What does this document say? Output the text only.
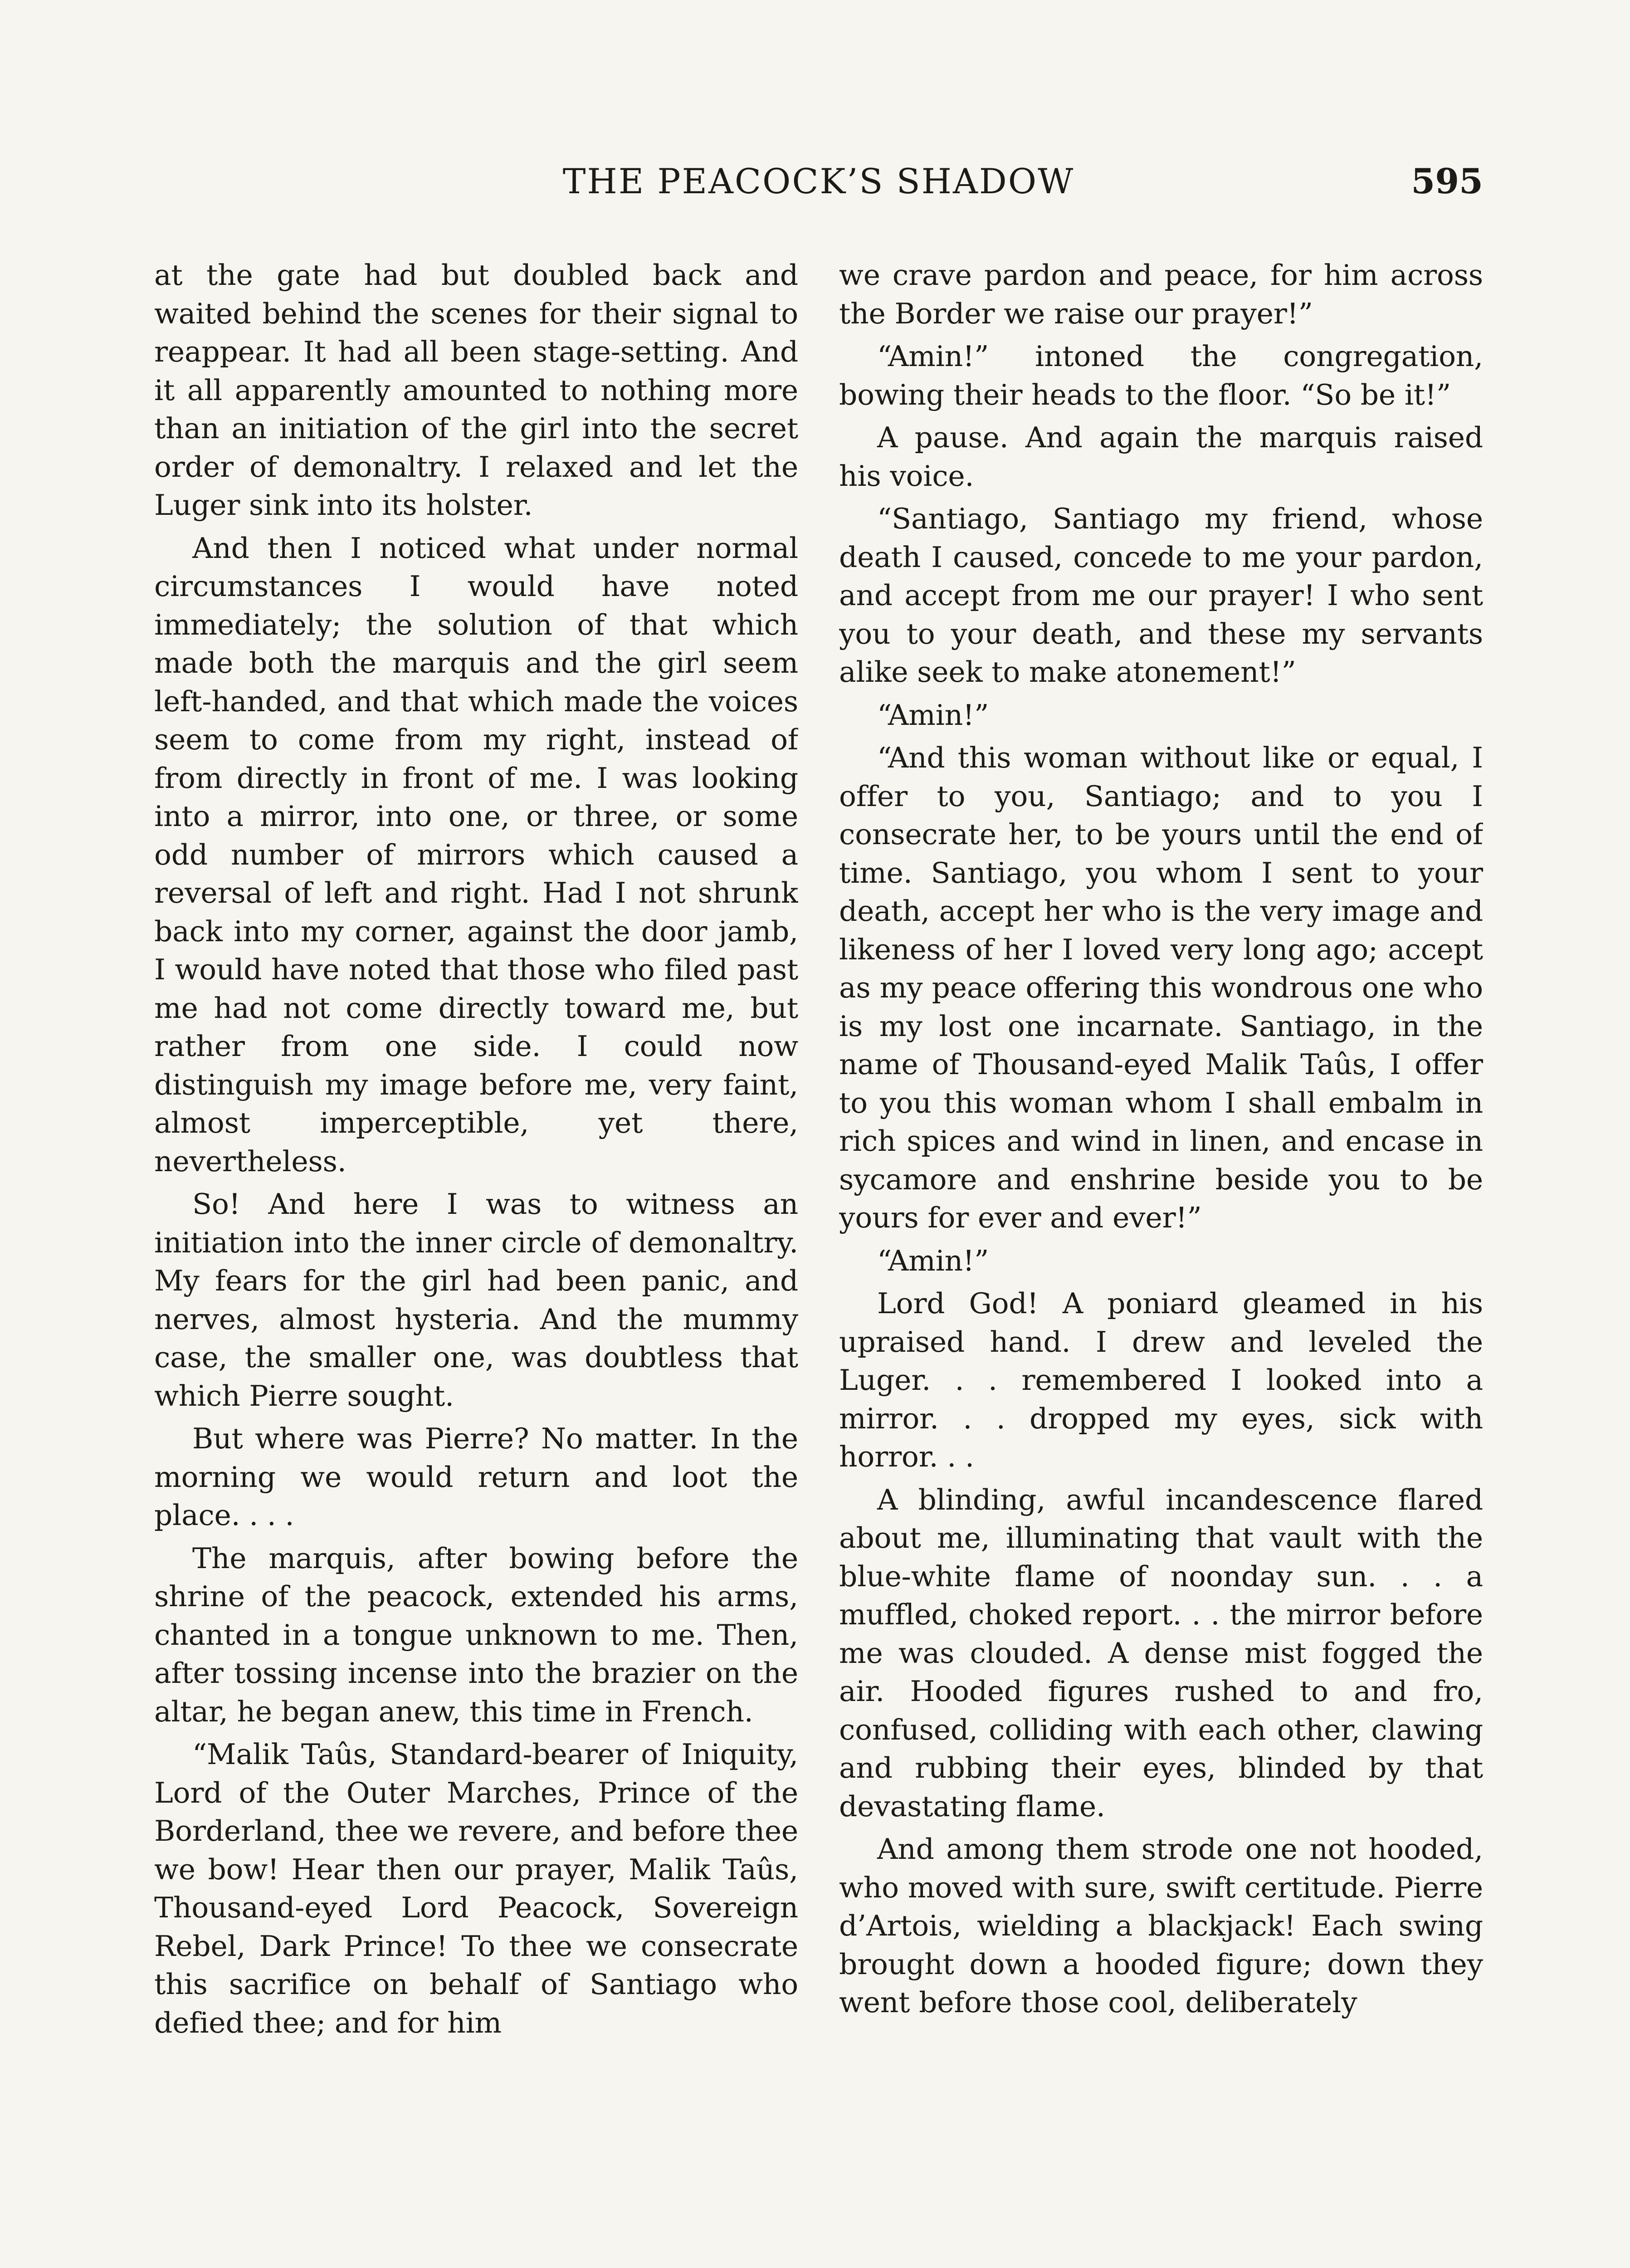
THE PEACOCK’S SHADOW	595

at the gate had but doubled back and waited behind the scenes for their signal to reappear. It had all been stage-setting. And it all apparently amounted to nothing more than an initiation of the girl into the secret order of demonaltry. I relaxed and let the Luger sink into its holster.

And then I noticed what under normal circumstances I would have noted immediately; the solution of that which made both the marquis and the girl seem left-handed, and that which made the voices seem to come from my right, instead of from directly in front of me. I was looking into a mirror, into one, or three, or some odd number of mirrors which caused a reversal of left and right. Had I not shrunk back into my corner, against the door jamb, I would have noted that those who filed past me had not come directly toward me, but rather from one side. I could now distinguish my image before me, very faint, almost imperceptible, yet there, nevertheless.

So! And here I was to witness an initiation into the inner circle of demonaltry. My fears for the girl had been panic, and nerves, almost hysteria. And the mummy case, the smaller one, was doubtless that which Pierre sought.

But where was Pierre? No matter. In the morning we would return and loot the place. . . .

The marquis, after bowing before the shrine of the peacock, extended his arms, chanted in a tongue unknown to me. Then, after tossing incense into the brazier on the altar, he began anew, this time in French.

“Malik Taûs, Standard-bearer of Iniquity, Lord of the Outer Marches, Prince of the Borderland, thee we revere, and before thee we bow! Hear then our prayer, Malik Taûs, Thousand-eyed Lord Peacock, Sovereign Rebel, Dark Prince! To thee we consecrate this sacrifice on behalf of Santiago who defied thee; and for him

we crave pardon and peace, for him across the Border we raise our prayer!”

“Amin!” intoned the congregation, bowing their heads to the floor. “So be it!”

A pause. And again the marquis raised his voice.

“Santiago, Santiago my friend, whose death I caused, concede to me your pardon, and accept from me our prayer! I who sent you to your death, and these my servants alike seek to make atonement!”

“Amin!”

“And this woman without like or equal, I offer to you, Santiago; and to you I consecrate her, to be yours until the end of time. Santiago, you whom I sent to your death, accept her who is the very image and likeness of her I loved very long ago; accept as my peace offering this wondrous one who is my lost one incarnate. Santiago, in the name of Thousand-eyed Malik Taûs, I offer to you this woman whom I shall embalm in rich spices and wind in linen, and encase in sycamore and enshrine beside you to be yours for ever and ever!”

“Amin!”

Lord God! A poniard gleamed in his upraised hand. I drew and leveled the Luger. . . remembered I looked into a mirror. . . dropped my eyes, sick with horror. . .

A blinding, awful incandescence flared about me, illuminating that vault with the blue-white flame of noonday sun. . . a muffled, choked report. . . the mirror before me was clouded. A dense mist fogged the air. Hooded figures rushed to and fro, confused, colliding with each other, clawing and rubbing their eyes, blinded by that devastating flame.

And among them strode one not hooded, who moved with sure, swift certitude. Pierre d’Artois, wielding a blackjack! Each swing brought down a hooded figure; down they went before those cool, deliberately
